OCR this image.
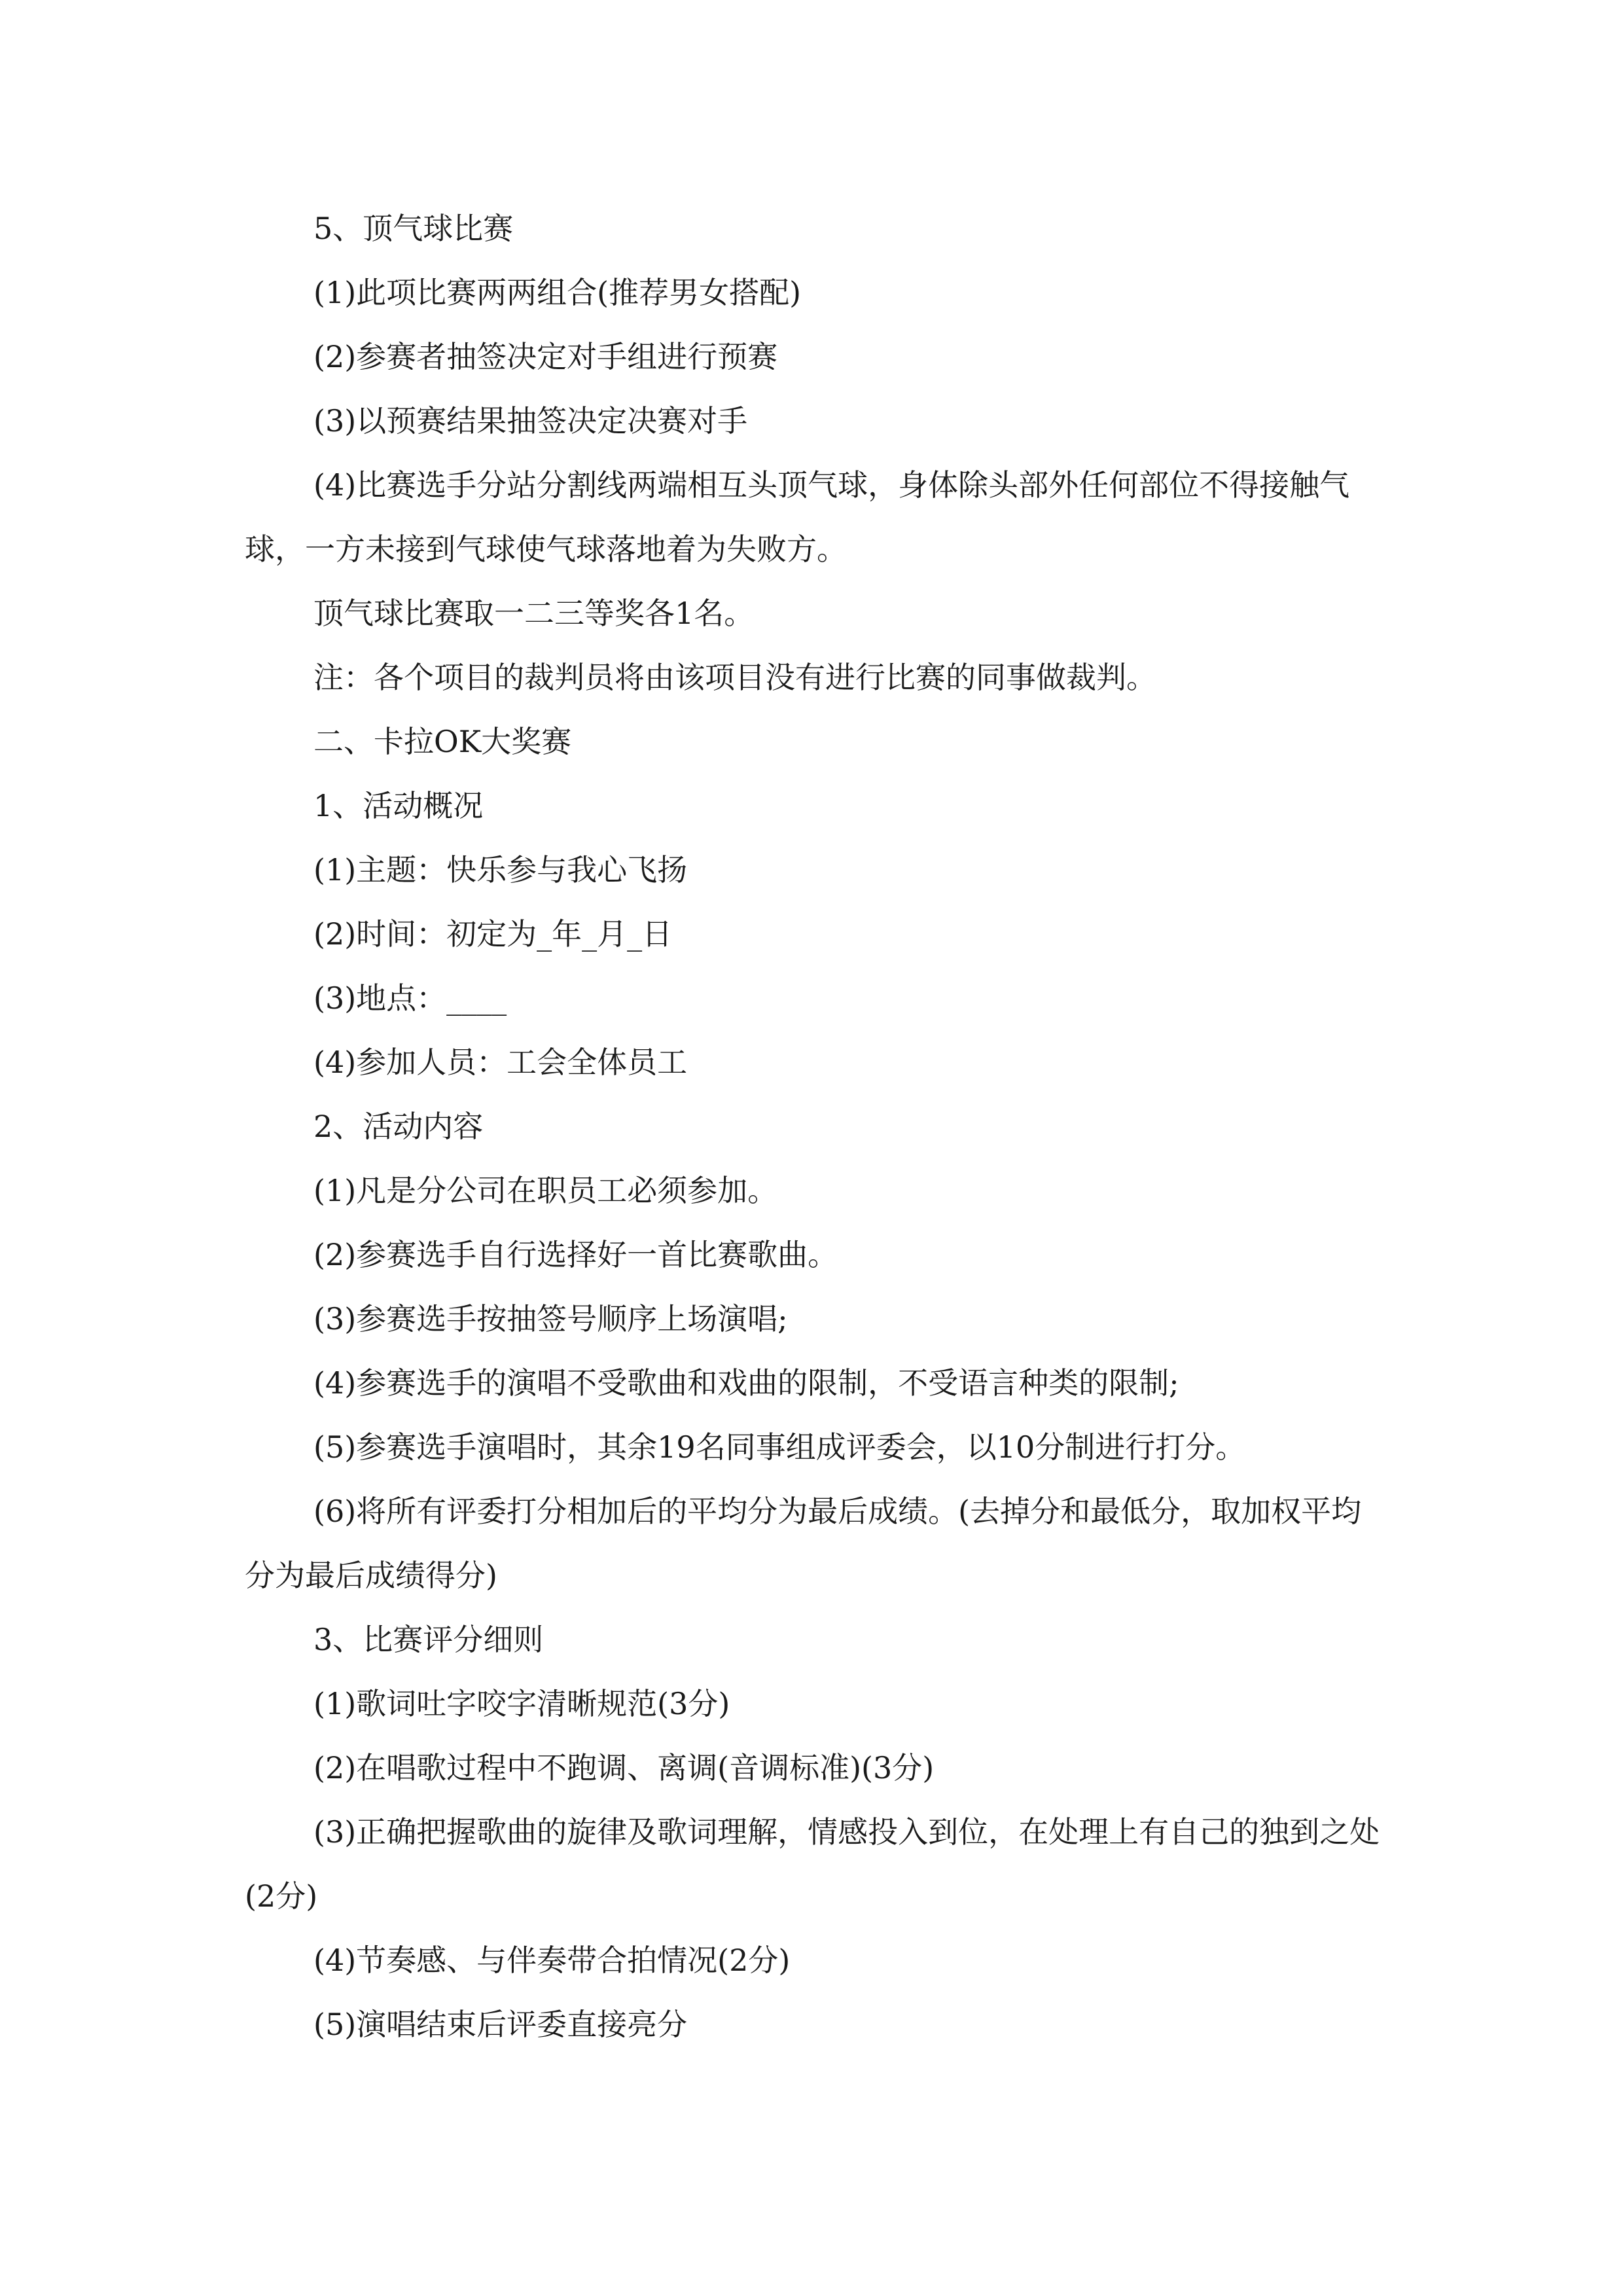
5、顶气球比赛

(1)此项比赛两两组合(推荐男女搭配)

(2)参赛者抽签决定对手组进行预赛

(3)以预赛结果抽签决定决赛对手

(4)比赛选手分站分割线两端相互头顶气球，身体除头部外任何部位不得接触气球，一方未接到气球使气球落地着为失败方。

顶气球比赛取一二三等奖各1名。

注：各个项目的裁判员将由该项目没有进行比赛的同事做裁判。

二、卡拉OK大奖赛

1、活动概况

(1)主题：快乐参与我心飞扬

(2)时间：初定为_年_月_日

(3)地点：____

(4)参加人员：工会全体员工

2、活动内容

(1)凡是分公司在职员工必须参加。

(2)参赛选手自行选择好一首比赛歌曲。

(3)参赛选手按抽签号顺序上场演唱;

(4)参赛选手的演唱不受歌曲和戏曲的限制，不受语言种类的限制;

(5)参赛选手演唱时，其余19名同事组成评委会，以10分制进行打分。

(6)将所有评委打分相加后的平均分为最后成绩。(去掉分和最低分，取加权平均分为最后成绩得分)

3、比赛评分细则

(1)歌词吐字咬字清晰规范(3分)

(2)在唱歌过程中不跑调、离调(音调标准)(3分)

(3)正确把握歌曲的旋律及歌词理解，情感投入到位，在处理上有自己的独到之处(2分)

(4)节奏感、与伴奏带合拍情况(2分)

(5)演唱结束后评委直接亮分
